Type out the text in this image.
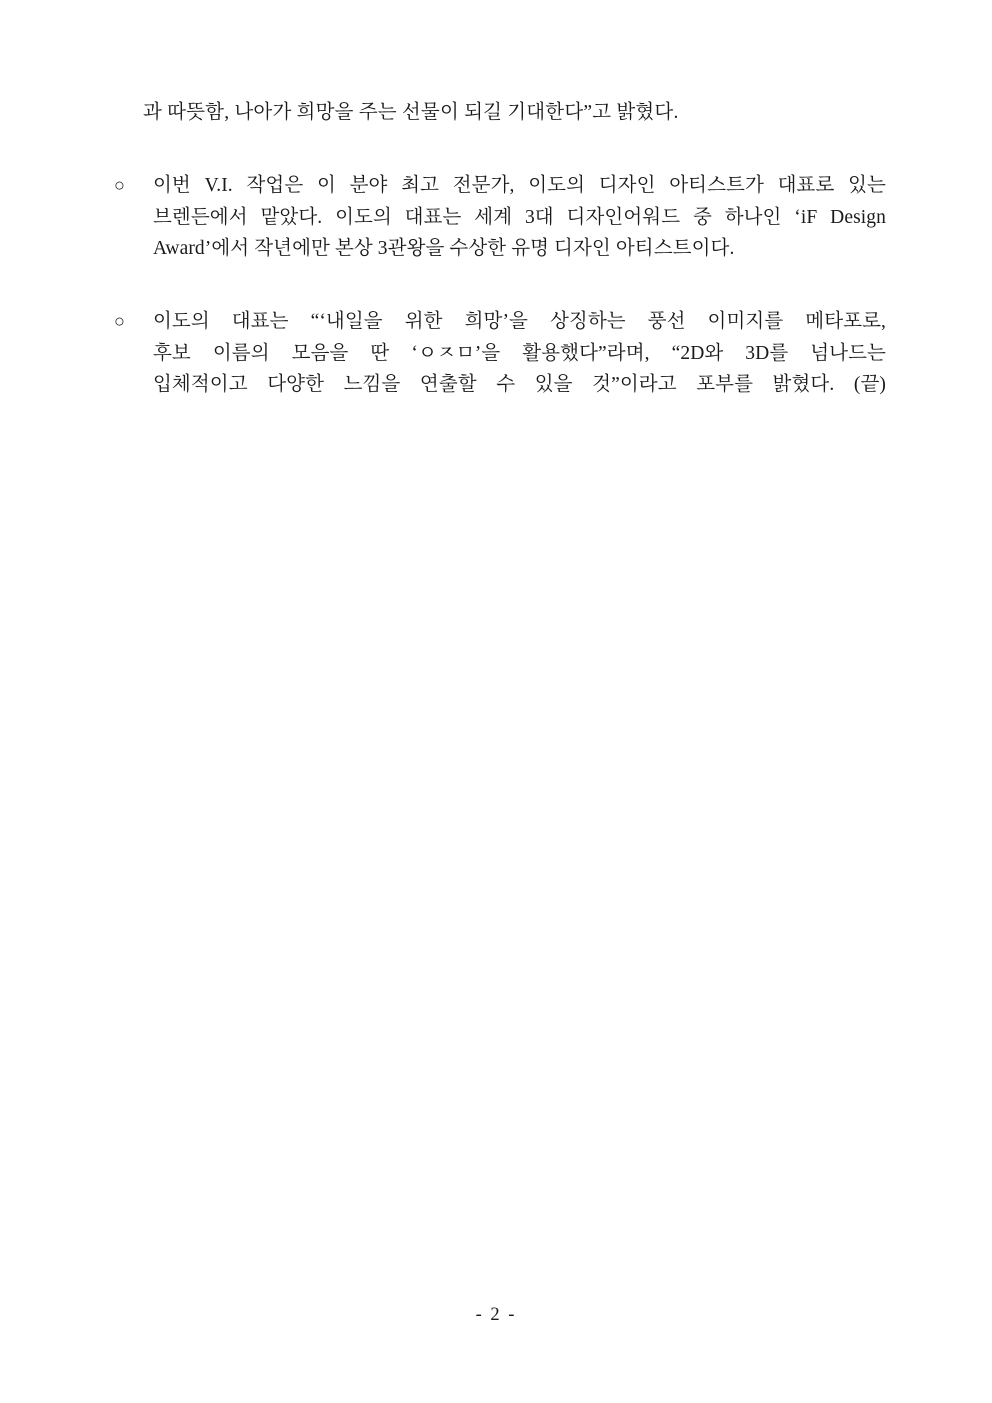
과 따뜻함, 나아가 희망을 주는 선물이 되길 기대한다”고 밝혔다.

○ 이번 V.I. 작업은 이 분야 최고 전문가, 이도의 디자인 아티스트가 대표로 있는
브렌든에서 맡았다. 이도의 대표는 세계 3대 디자인어워드 중 하나인 ‘iF Design
Award’에서 작년에만 본상 3관왕을 수상한 유명 디자인 아티스트이다.
○ 이도의 대표는 “‘내일을 위한 희망’을 상징하는 풍선 이미지를 메타포로,
후보 이름의 모음을 딴 ‘ㅇㅈㅁ’을 활용했다”라며, “2D와 3D를 넘나드는
입체적이고 다양한 느낌을 연출할 수 있을 것”이라고 포부를 밝혔다. (끝)
- 2 -
